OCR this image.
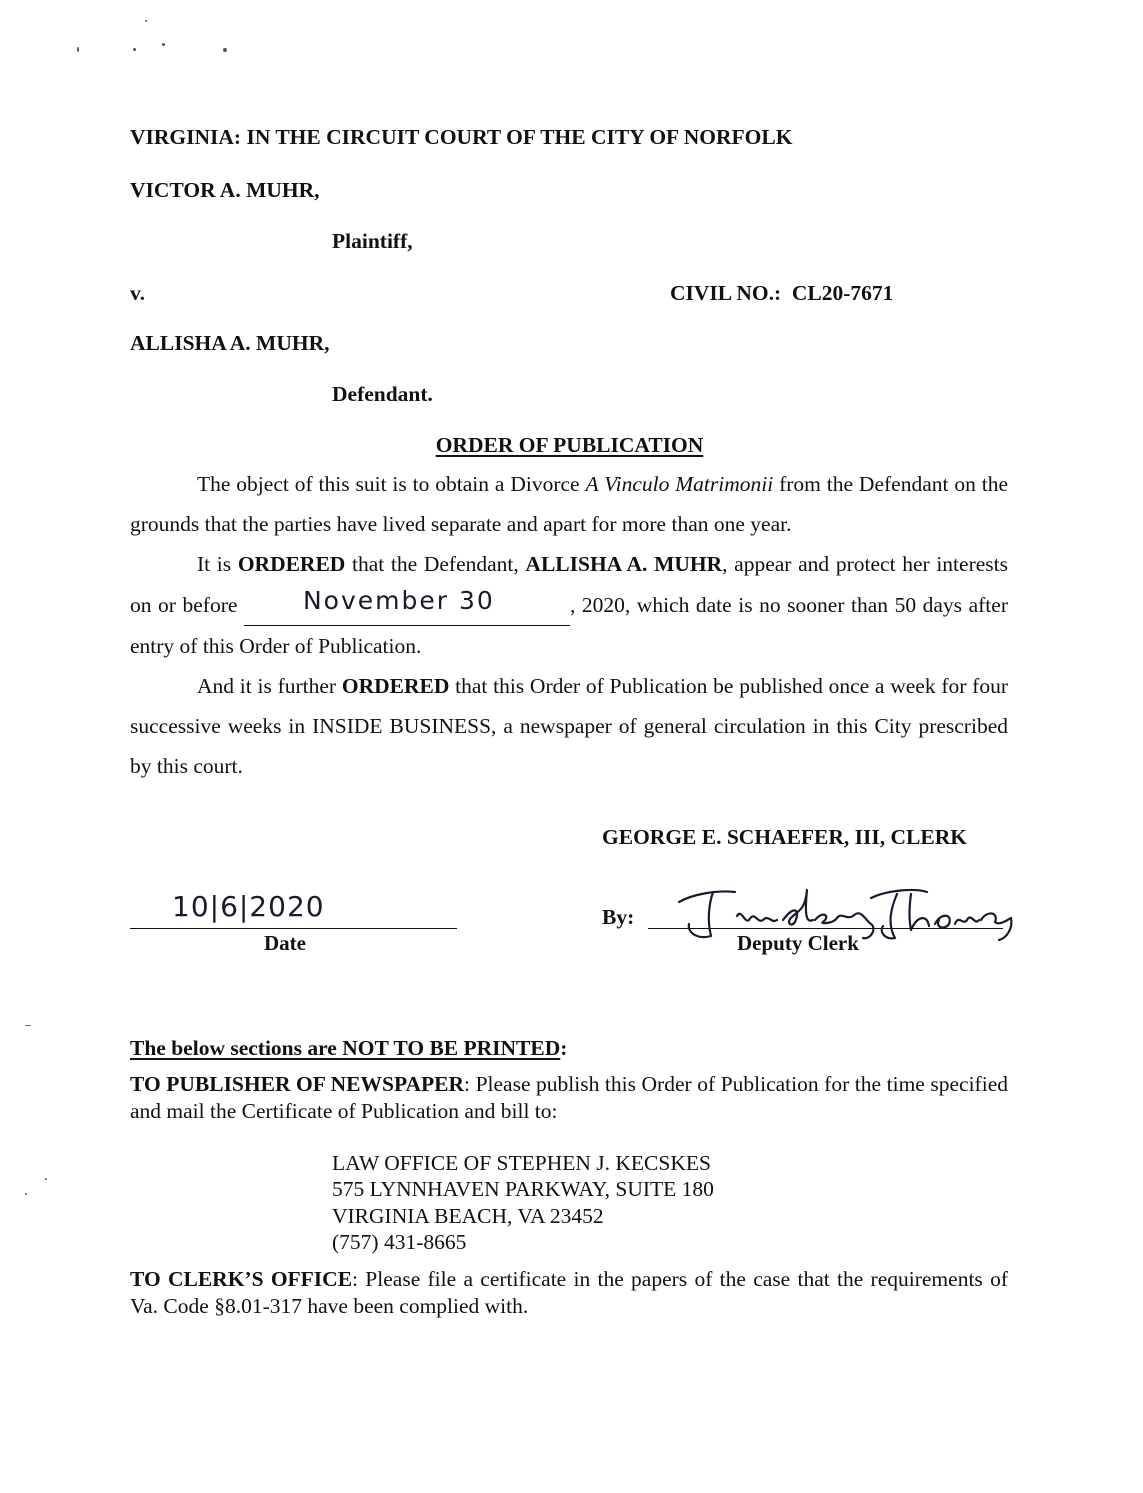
VIRGINIA: IN THE CIRCUIT COURT OF THE CITY OF NORFOLK
VICTOR A. MUHR,
Plaintiff,
v.	CIVIL NO.: CL20-7671
ALLISHA A. MUHR,
Defendant.
ORDER OF PUBLICATION

The object of this suit is to obtain a Divorce A Vinculo Matrimonii from the Defendant on the grounds that the parties have lived separate and apart for more than one year.

It is ORDERED that the Defendant, ALLISHA A. MUHR, appear and protect her interests on or before November 30	, 2020, which date is no sooner than 50 days after entry of this Order of Publication.

And it is further ORDERED that this Order of Publication be published once a week for four successive weeks in INSIDE BUSINESS, a newspaper of general circulation in this City prescribed by this court.

GEORGE E. SCHAEFER, III, CLERK
10|6|2020
Date
By:
Deputy Clerk
The below sections are NOT TO BE PRINTED:

TO PUBLISHER OF NEWSPAPER: Please publish this Order of Publication for the time specified and mail the Certificate of Publication and bill to:

LAW OFFICE OF STEPHEN J. KECSKES
575 LYNNHAVEN PARKWAY, SUITE 180
VIRGINIA BEACH, VA 23452
(757) 431-8665

TO CLERK’S OFFICE: Please file a certificate in the papers of the case that the requirements of Va. Code §8.01-317 have been complied with.
